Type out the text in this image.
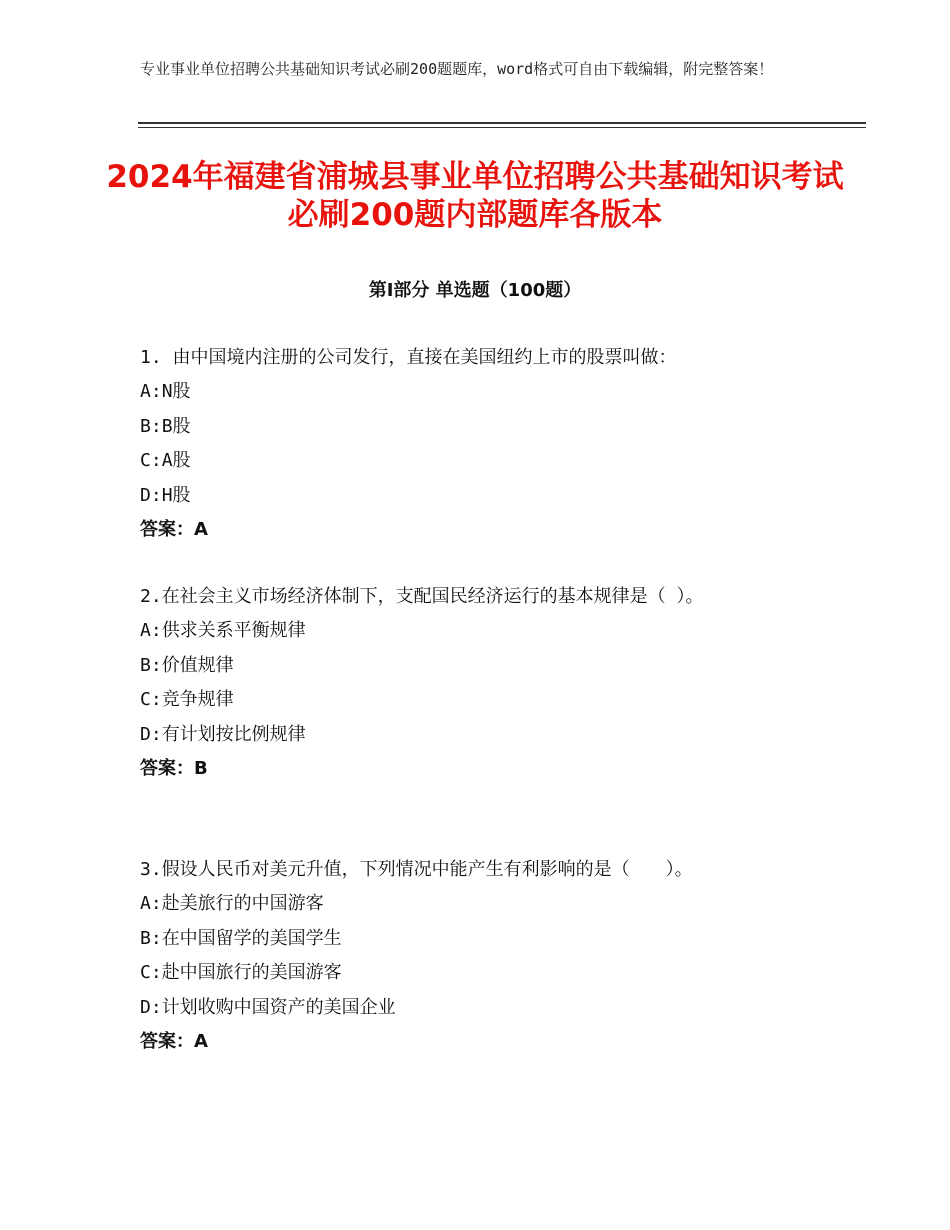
专业事业单位招聘公共基础知识考试必刷200题题库，word格式可自由下载编辑，附完整答案！
2024年福建省浦城县事业单位招聘公共基础知识考试必刷200题内部题库各版本
第Ⅰ部分 单选题（100题）

1. 由中国境内注册的公司发行，直接在美国纽约上市的股票叫做：

A: N股

B: B股

C: A股

D: H股

答案：A

2.在社会主义市场经济体制下，支配国民经济运行的基本规律是（ ）。

A: 供求关系平衡规律

B: 价值规律

C: 竞争规律

D: 有计划按比例规律

答案：B

3.假设人民币对美元升值，下列情况中能产生有利影响的是（　　）。

A: 赴美旅行的中国游客

B: 在中国留学的美国学生

C: 赴中国旅行的美国游客

D: 计划收购中国资产的美国企业

答案：A
